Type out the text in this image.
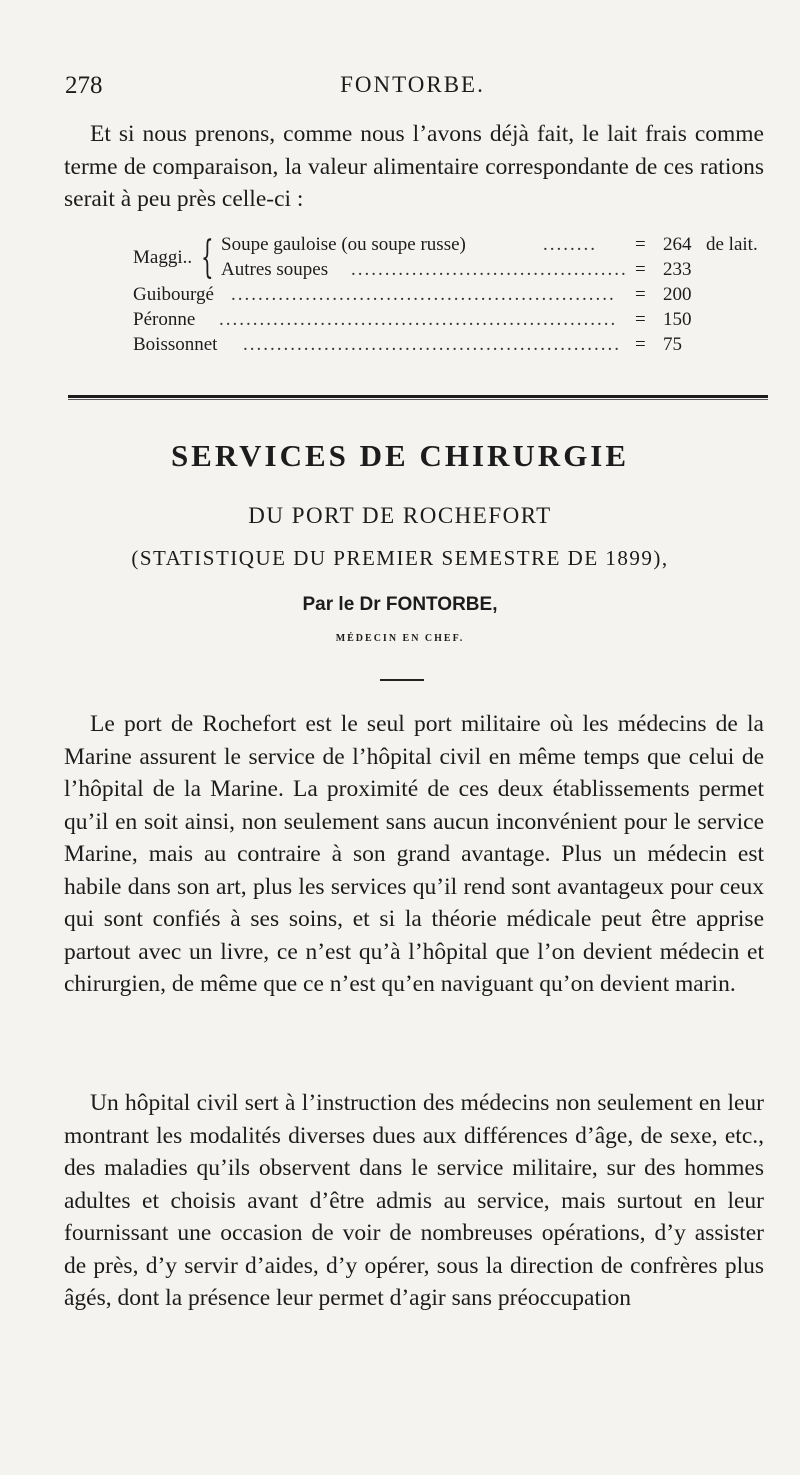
278	FONTORBE.

Et si nous prenons, comme nous l’avons déjà fait, le lait frais comme terme de comparaison, la valeur alimentaire correspondante de ces rations serait à peu près celle-ci :

Maggi.. { Soupe gauloise (ou soupe russe)	........	= 264 de lait.
Autres soupes ......................................... = 233
Guibourgé .........................................................	= 200
Péronne ........................................................... = 150
Boissonnet ........................................................ = 75
SERVICES DE CHIRURGIE
DU PORT DE ROCHEFORT
(STATISTIQUE DU PREMIER SEMESTRE DE 1899),
Par le Dr FONTORBE,
MÉDECIN EN CHEF.

Le port de Rochefort est le seul port militaire où les médecins de la Marine assurent le service de l’hôpital civil en même temps que celui de l’hôpital de la Marine. La proximité de ces deux établissements permet qu’il en soit ainsi, non seulement sans aucun inconvénient pour le service Marine, mais au contraire à son grand avantage. Plus un médecin est habile dans son art, plus les services qu’il rend sont avantageux pour ceux qui sont confiés à ses soins, et si la théorie médicale peut être apprise partout avec un livre, ce n’est qu’à l’hôpital que l’on devient médecin et chirurgien, de même que ce n’est qu’en naviguant qu’on devient marin.

Un hôpital civil sert à l’instruction des médecins non seulement en leur montrant les modalités diverses dues aux différences d’âge, de sexe, etc., des maladies qu’ils observent dans le service militaire, sur des hommes adultes et choisis avant d’être admis au service, mais surtout en leur fournissant une occasion de voir de nombreuses opérations, d’y assister de près, d’y servir d’aides, d’y opérer, sous la direction de confrères plus âgés, dont la présence leur permet d’agir sans préoccupation
